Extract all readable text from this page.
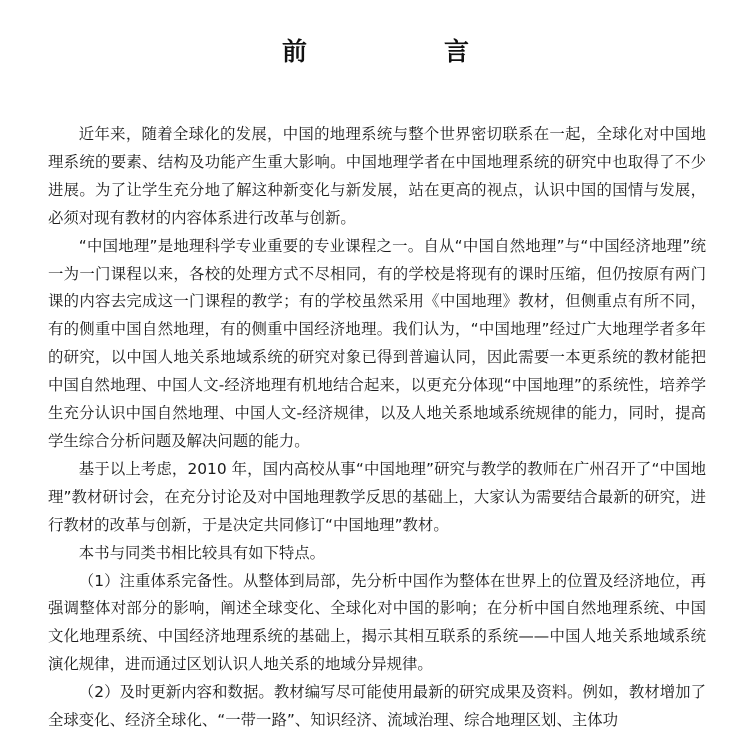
前　言

近年来，随着全球化的发展，中国的地理系统与整个世界密切联系在一起，全球化对中国地理系统的要素、结构及功能产生重大影响。中国地理学者在中国地理系统的研究中也取得了不少进展。为了让学生充分地了解这种新变化与新发展，站在更高的视点，认识中国的国情与发展，必须对现有教材的内容体系进行改革与创新。

“中国地理”是地理科学专业重要的专业课程之一。自从“中国自然地理”与“中国经济地理”统一为一门课程以来，各校的处理方式不尽相同，有的学校是将现有的课时压缩，但仍按原有两门课的内容去完成这一门课程的教学；有的学校虽然采用《中国地理》教材，但侧重点有所不同，有的侧重中国自然地理，有的侧重中国经济地理。我们认为，“中国地理”经过广大地理学者多年的研究，以中国人地关系地域系统的研究对象已得到普遍认同，因此需要一本更系统的教材能把中国自然地理、中国人文-经济地理有机地结合起来，以更充分体现“中国地理”的系统性，培养学生充分认识中国自然地理、中国人文-经济规律，以及人地关系地域系统规律的能力，同时，提高学生综合分析问题及解决问题的能力。

基于以上考虑，2010 年，国内高校从事“中国地理”研究与教学的教师在广州召开了“中国地理”教材研讨会，在充分讨论及对中国地理教学反思的基础上，大家认为需要结合最新的研究，进行教材的改革与创新，于是决定共同修订“中国地理”教材。

本书与同类书相比较具有如下特点。

（1）注重体系完备性。从整体到局部，先分析中国作为整体在世界上的位置及经济地位，再强调整体对部分的影响，阐述全球变化、全球化对中国的影响；在分析中国自然地理系统、中国文化地理系统、中国经济地理系统的基础上，揭示其相互联系的系统——中国人地关系地域系统演化规律，进而通过区划认识人地关系的地域分异规律。

（2）及时更新内容和数据。教材编写尽可能使用最新的研究成果及资料。例如，教材增加了全球变化、经济全球化、“一带一路”、知识经济、流域治理、综合地理区划、主体功
